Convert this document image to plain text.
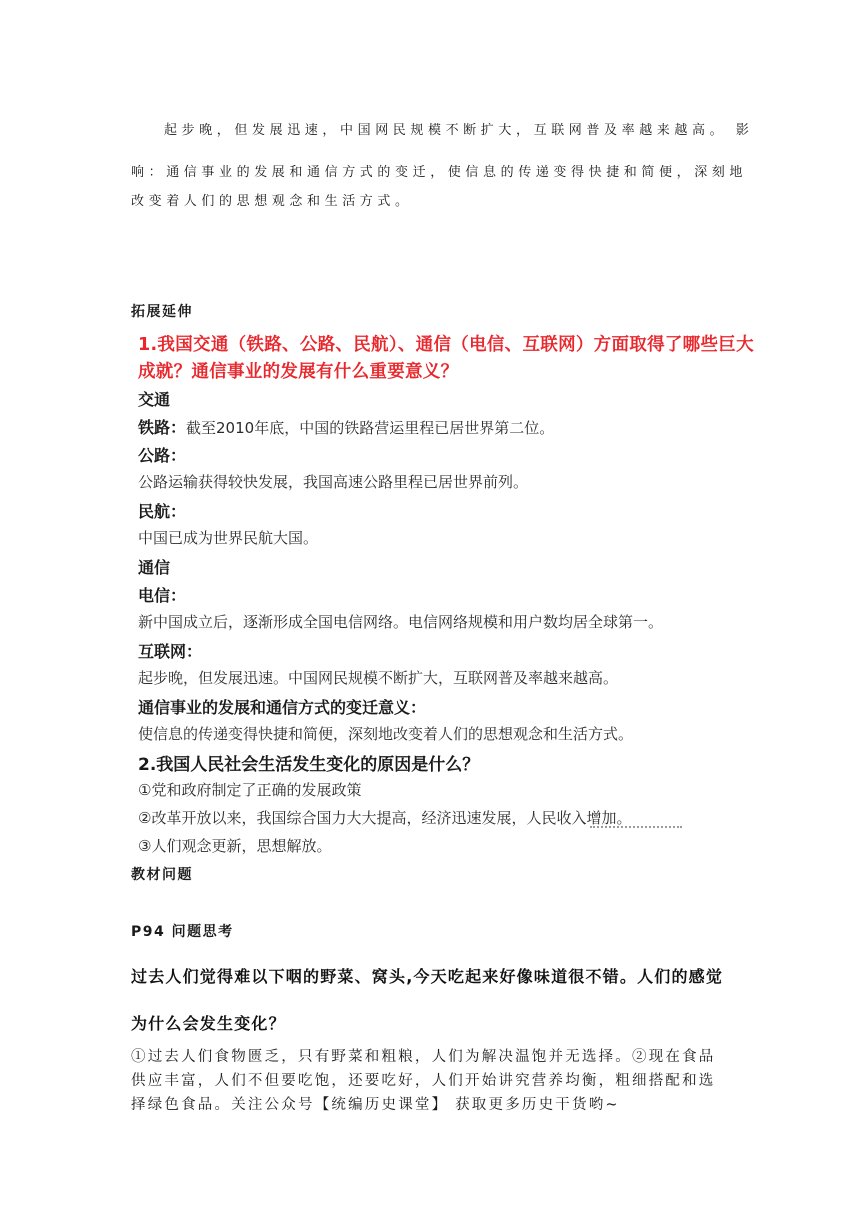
起步晚，但发展迅速，中国网民规模不断扩大，互联网普及率越来越高。 影
响：通信事业的发展和通信方式的变迁，使信息的传递变得快捷和简便，深刻地
改变着人们的思想观念和生活方式。
拓展延伸
1.我国交通（铁路、公路、民航）、通信（电信、互联网）方面取得了哪些巨大
成就？通信事业的发展有什么重要意义？
交通
铁路：截至2010年底，中国的铁路营运里程已居世界第二位。
公路：
公路运输获得较快发展，我国高速公路里程已居世界前列。
民航：
中国已成为世界民航大国。
通信
电信：
新中国成立后，逐渐形成全国电信网络。电信网络规模和用户数均居全球第一。
互联网：
起步晚，但发展迅速。中国网民规模不断扩大，互联网普及率越来越高。
通信事业的发展和通信方式的变迁意义：
使信息的传递变得快捷和简便，深刻地改变着人们的思想观念和生活方式。
2.我国人民社会生活发生变化的原因是什么？
①党和政府制定了正确的发展政策
②改革开放以来，我国综合国力大大提高，经济迅速发展，人民收入增加。
③人们观念更新，思想解放。
教材问题
P94 问题思考
过去人们觉得难以下咽的野菜、窝头,今天吃起来好像味道很不错。人们的感觉
为什么会发生变化？
①过去人们食物匮乏，只有野菜和粗粮，人们为解决温饱并无选择。②现在食品
供应丰富，人们不但要吃饱，还要吃好，人们开始讲究营养均衡，粗细搭配和选
择绿色食品。关注公众号【统编历史课堂】 获取更多历史干货哟~
